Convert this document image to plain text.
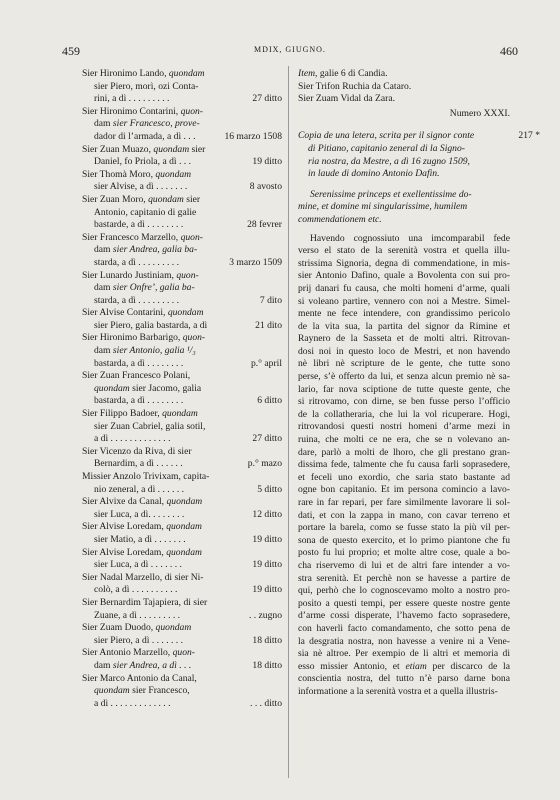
459	MDIX, GIUGNO.	460
Sier Hironimo Lando, quondam
sier Piero, morì, ozi Conta-
rini, a dì . . . . . . . . .	27 ditto
Sier Hironimo Contarini, quon-
dam sier Francesco, prove-
dador di l’armada, a dì . . .	16 marzo 1508
Sier Zuan Muazo, quondam sier
Daniel, fo Priola, a dì . . .	19 ditto
Sier Thomà Moro, quondam
sier Alvise, a dì . . . . . . .	8 avosto
Sier Zuan Moro, quondam sier
Antonio, capitanio di galie
bastarde, a dì . . . . . . . .	28 fevrer
Sier Francesco Marzello, quon-
dam sier Andrea, galia ba-
starda, a dì . . . . . . . . .	3 marzo 1509
Sier Lunardo Justiniam, quon-
dam sier Onfre’, galia ba-
starda, a dì . . . . . . . . .	7 dito
Sier Alvise Contarini, quondam
sier Piero, galia bastarda, a dì	21 dito
Sier Hironimo Barbarigo, quon-
dam sier Antonio, galia ¹/₃
bastarda, a dì . . . . . . . .	p.° april
Sier Zuan Francesco Polani,
quondam sier Jacomo, galia
bastarda, a dì . . . . . . . .	6 ditto
Sier Filippo Badoer, quondam
sier Zuan Cabriel, galia sotil,
a dì . . . . . . . . . . . . .	27 ditto
Sier Vicenzo da Riva, di sier
Bernardim, a dì . . . . . .	p.° mazo
Missier Anzolo Trivixam, capita-
nio zeneral, a dì . . . . . .	5 ditto
Sier Alvixe da Canal, quondam
sier Luca, a dì. . . . . . . .	12 ditto
Sier Alvise Loredam, quondam
sier Matio, a dì . . . . . . .	19 ditto
Sier Alvise Loredam, quondam
sier Luca, a dì . . . . . . .	19 ditto
Sier Nadal Marzello, di sier Ni-
colò, a dì . . . . . . . . . .	19 ditto
Sier Bernardim Tajapiera, di sier
Zuane, a dì . . . . . . . . .	. . zugno
Sier Zuam Duodo, quondam
sier Piero, a dì . . . . . . .	18 ditto
Sier Antonio Marzello, quon-
dam sier Andrea, a dì . . .	18 ditto
Sier Marco Antonio da Canal,
quondam sier Francesco,
a dì . . . . . . . . . . . . .	. . . ditto
Item, galie 6 di Candia.
Sier Trifon Ruchia da Cataro.
Sier Zuam Vidal da Zara.
Numero XXXI.
217 *
Copia de una letera, scrita per il signor conte
di Pitiano, capitanio zeneral di la Signo-
ria nostra, da Mestre, a dì 16 zugno 1509,
in laude di domino Antonio Dafin.
Serenissime princeps et exellentissime do-
mine, et domine mi singularissime, humilem
commendationem etc.
Havendo cognossiuto una imcomparabil fede
verso el stato de la serenità vostra et quella illu-
strissima Signoria, degna di commendatione, in mis-
sier Antonio Dafino, quale a Bovolenta con sui pro-
prij danari fu causa, che molti homeni d’arme, quali
si voleano partire, vennero con noi a Mestre. Simel-
mente ne fece intendere, con grandissimo pericolo
de la vita sua, la partita del signor da Rimine et
Raynero de la Sasseta et de molti altri. Ritrovan-
dosi noi in questo loco de Mestri, et non havendo
nè libri nè scripture de le gente, che tutte sono
perse, s’è offerto da lui, et senza alcun premio nè sa-
lario, far nova sciptione de tutte queste gente, che
si ritrovamo, con dirne, se ben fusse perso l’officio
de la collatheraria, che lui la vol ricuperare. Hogi,
ritrovandosi questi nostri homeni d’arme mezi in
ruina, che molti ce ne era, che se n volevano an-
dare, parlò a molti de lhoro, che gli prestano gran-
dissima fede, talmente che fu causa farli soprasedere,
et feceli uno exordio, che saria stato bastante ad
ogne bon capitanio. Et im persona comincio a lavo-
rare in far repari, per fare similmente lavorare li sol-
dati, et con la zappa in mano, con cavar terreno et
portare la barela, como se fusse stato la più vil per-
sona de questo exercito, et lo primo piantone che fu
posto fu lui proprio; et molte altre cose, quale a bo-
cha riservemo di lui et de altri fare intender a vo-
stra serenità. Et perchè non se havesse a partire de
qui, perhò che lo cognoscevamo molto a nostro pro-
posito a questi tempi, per essere queste nostre gente
d’arme cossi disperate, l’havemo facto soprasedere,
con haverli facto comandamento, che sotto pena de
la desgratia nostra, non havesse a venire ni a Vene-
sia nè altroe. Per exempio de li altri et memoria di
esso missier Antonio, et etiam per discarco de la
conscientia nostra, del tutto n’è parso darne bona
informatione a la serenità vostra et a quella illustris-
